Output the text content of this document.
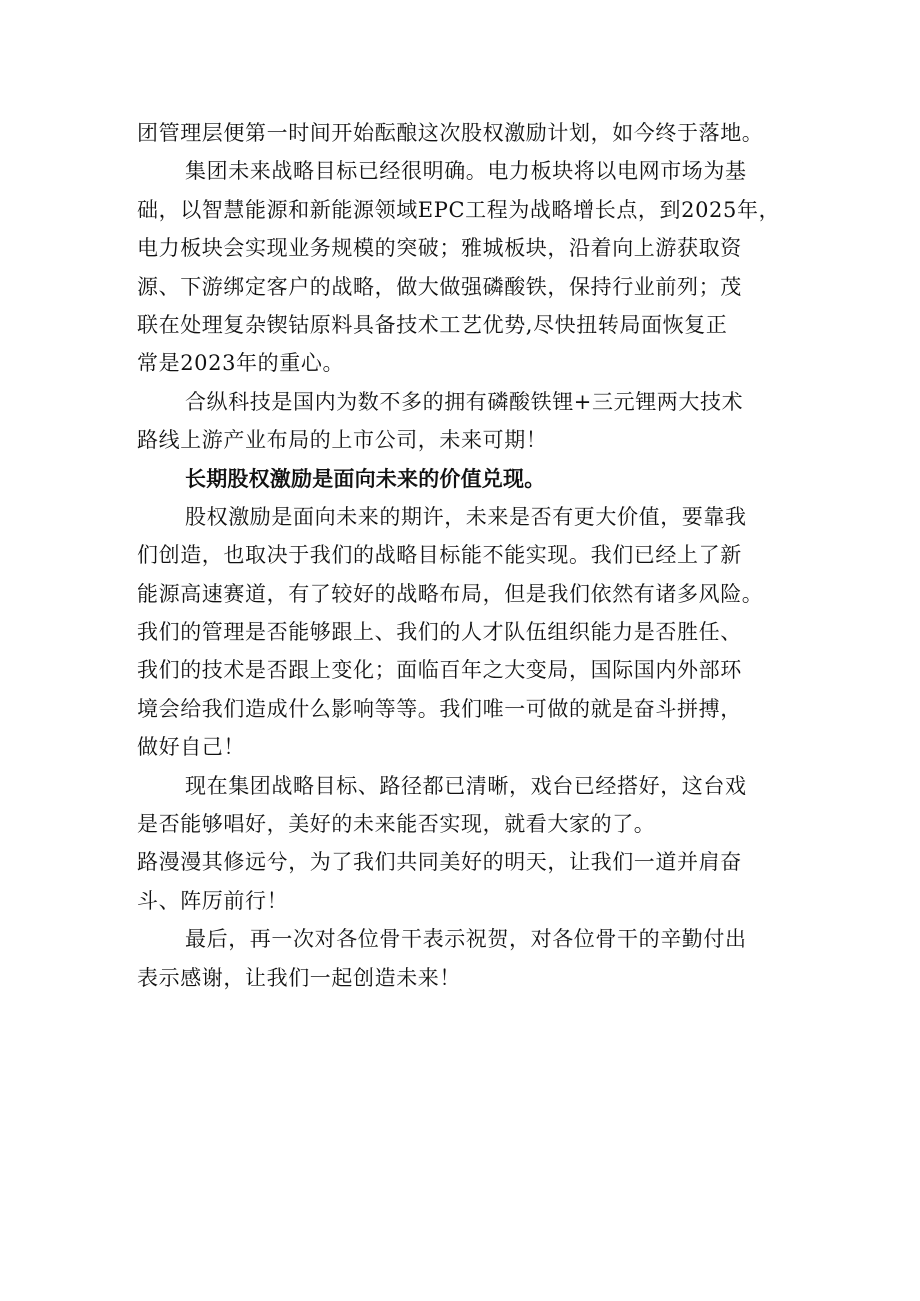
团管理层便第一时间开始酝酿这次股权激励计划，如今终于落地。
集团未来战略目标已经很明确。电力板块将以电网市场为基
础，以智慧能源和新能源领域EPC工程为战略增长点，到2025年，
电力板块会实现业务规模的突破；雅城板块，沿着向上游获取资
源、下游绑定客户的战略，做大做强磷酸铁，保持行业前列；茂
联在处理复杂锲钴原料具备技术工艺优势,尽快扭转局面恢复正
常是2023年的重心。
合纵科技是国内为数不多的拥有磷酸铁锂+三元锂两大技术
路线上游产业布局的上市公司，未来可期！
长期股权激励是面向未来的价值兑现。
股权激励是面向未来的期许，未来是否有更大价值，要靠我
们创造，也取决于我们的战略目标能不能实现。我们已经上了新
能源高速赛道，有了较好的战略布局，但是我们依然有诸多风险。
我们的管理是否能够跟上、我们的人才队伍组织能力是否胜任、
我们的技术是否跟上变化；面临百年之大变局，国际国内外部环
境会给我们造成什么影响等等。我们唯一可做的就是奋斗拼搏，
做好自己！
现在集团战略目标、路径都已清晰，戏台已经搭好，这台戏
是否能够唱好，美好的未来能否实现，就看大家的了。
路漫漫其修远兮，为了我们共同美好的明天，让我们一道并肩奋
斗、阵厉前行！
最后，再一次对各位骨干表示祝贺，对各位骨干的辛勤付出
表示感谢，让我们一起创造未来！
